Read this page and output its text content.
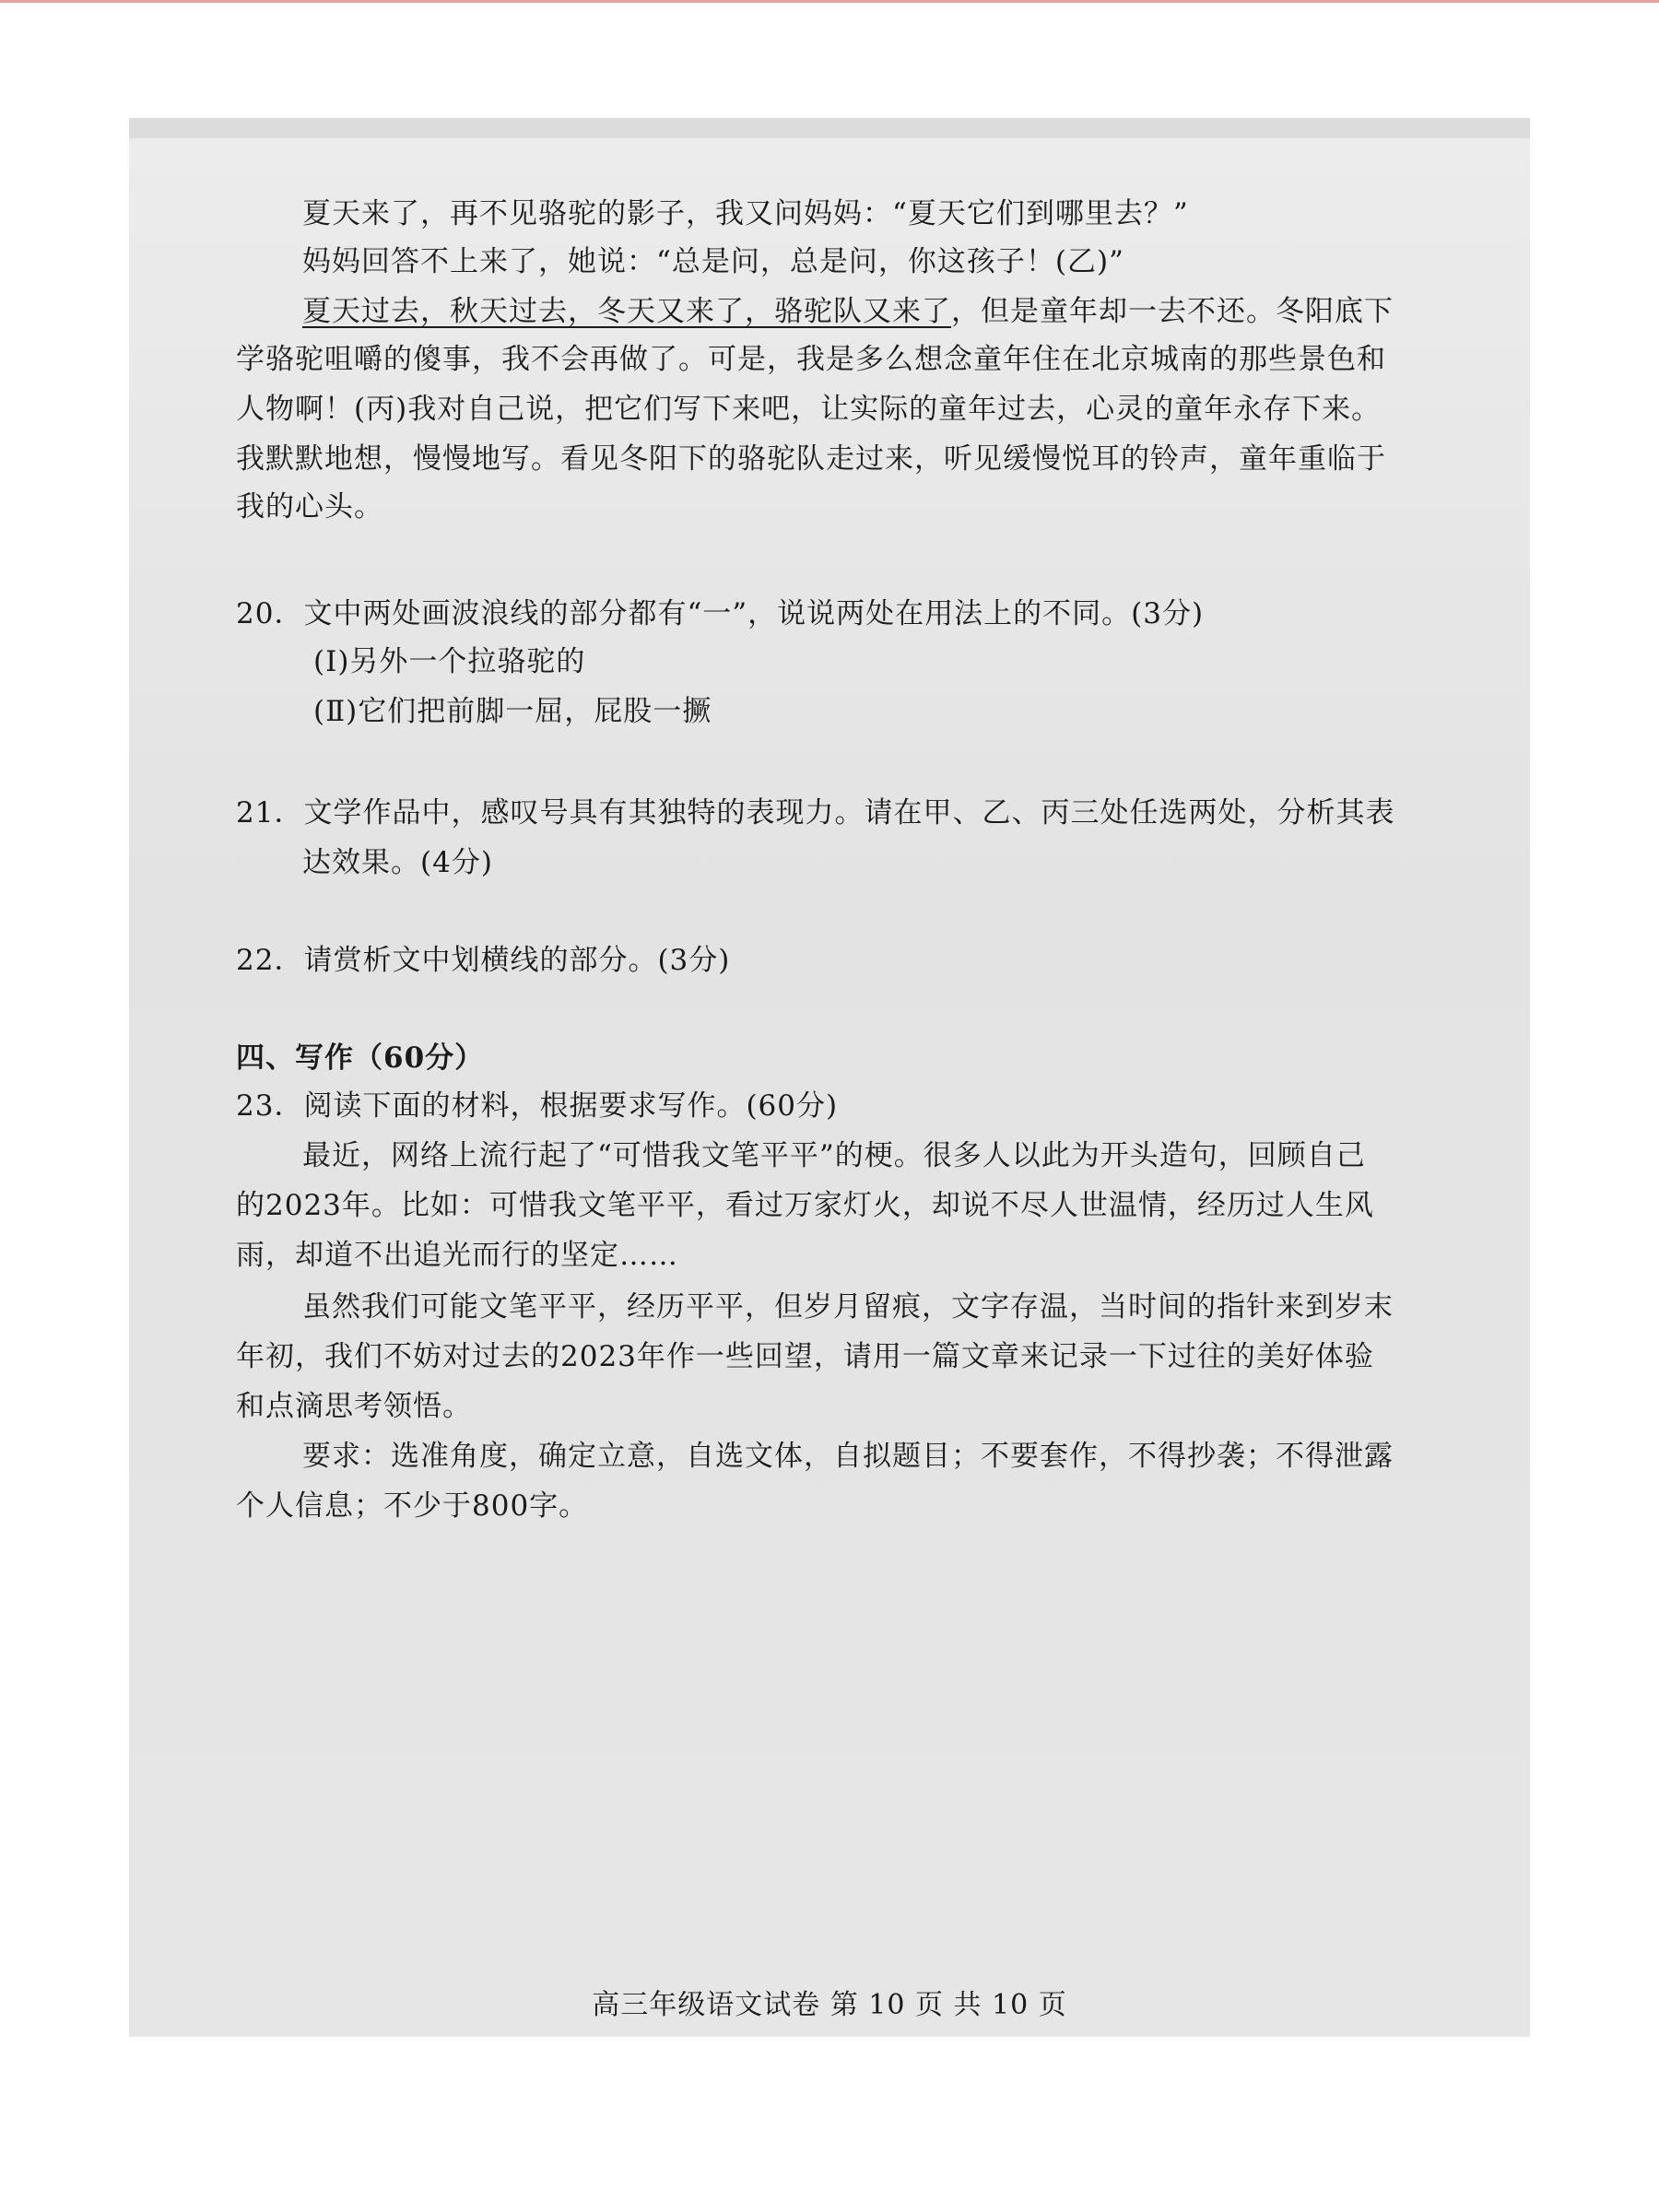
夏天来了，再不见骆驼的影子，我又问妈妈：“夏天它们到哪里去？”
妈妈回答不上来了，她说：“总是问，总是问，你这孩子！(乙)”
夏天过去，秋天过去，冬天又来了，骆驼队又来了，但是童年却一去不还。冬阳底下
学骆驼咀嚼的傻事，我不会再做了。可是，我是多么想念童年住在北京城南的那些景色和
人物啊！(丙)我对自己说，把它们写下来吧，让实际的童年过去，心灵的童年永存下来。
我默默地想，慢慢地写。看见冬阳下的骆驼队走过来，听见缓慢悦耳的铃声，童年重临于
我的心头。
20．文中两处画波浪线的部分都有“一”，说说两处在用法上的不同。(3分)
(Ⅰ)另外一个拉骆驼的
(Ⅱ)它们把前脚一屈，屁股一撅
21．文学作品中，感叹号具有其独特的表现力。请在甲、乙、丙三处任选两处，分析其表
达效果。(4分)
22．请赏析文中划横线的部分。(3分)
四、写作（60分）
23．阅读下面的材料，根据要求写作。(60分)
最近，网络上流行起了“可惜我文笔平平”的梗。很多人以此为开头造句，回顾自己
的2023年。比如：可惜我文笔平平，看过万家灯火，却说不尽人世温情，经历过人生风
雨，却道不出追光而行的坚定……
虽然我们可能文笔平平，经历平平，但岁月留痕，文字存温，当时间的指针来到岁末
年初，我们不妨对过去的2023年作一些回望，请用一篇文章来记录一下过往的美好体验
和点滴思考领悟。
要求：选准角度，确定立意，自选文体，自拟题目；不要套作，不得抄袭；不得泄露
个人信息；不少于800字。
高三年级语文试卷 第 10 页 共 10 页
